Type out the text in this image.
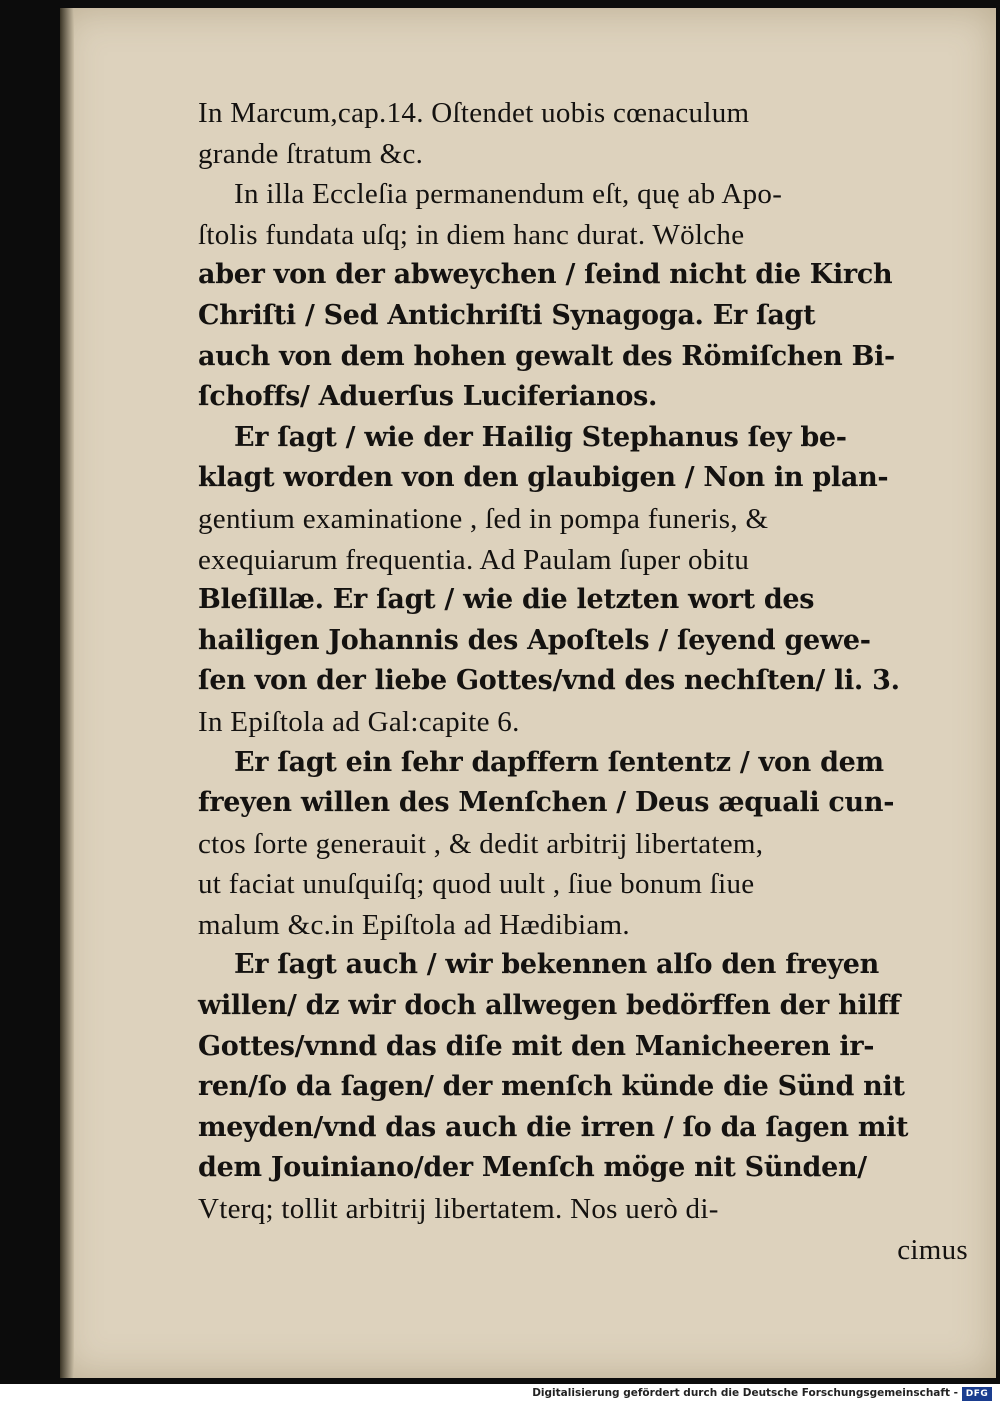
In Marcum,cap.14. Oſtendet uobis cœnaculum
grande ſtratum &c.
In illa Eccleſia permanendum eſt, quę ab Apo-
ſtolis fundata uſq; in diem hanc durat. Wölche
aber von der abweychen / ſeind nicht die Kirch
Chriſti / Sed Antichriſti Synagoga. Er ſagt
auch von dem hohen gewalt des Römiſchen Bi-
ſchoffs/ Aduerſus Luciferianos.
Er ſagt / wie der Hailig Stephanus ſey be-
klagt worden von den glaubigen / Non in plan-
gentium examinatione , ſed in pompa funeris, &
exequiarum frequentia. Ad Paulam ſuper obitu
Bleſillæ. Er ſagt / wie die letzten wort des
hailigen Johannis des Apoſtels / ſeyend gewe-
ſen von der liebe Gottes/vnd des nechſten/ li. 3.
In Epiſtola ad Gal:capite 6.
Er ſagt ein ſehr dapffern ſententz / von dem
freyen willen des Menſchen / Deus æquali cun-
ctos ſorte generauit , & dedit arbitrij libertatem,
ut faciat unuſquiſq; quod uult , ſiue bonum ſiue
malum &c.in Epiſtola ad Hædibiam.
Er ſagt auch / wir bekennen alſo den freyen
willen/ dz wir doch allwegen bedörffen der hilff
Gottes/vnnd das diſe mit den Manicheeren ir-
ren/ſo da ſagen/ der menſch künde die Sünd nit
meyden/vnd das auch die irren / ſo da ſagen mit
dem Jouiniano/der Menſch möge nit Sünden/
Vterq; tollit arbitrij libertatem. Nos uerò di-
cimus
Digitalisierung gefördert durch die Deutsche Forschungsgemeinschaft - DFG
